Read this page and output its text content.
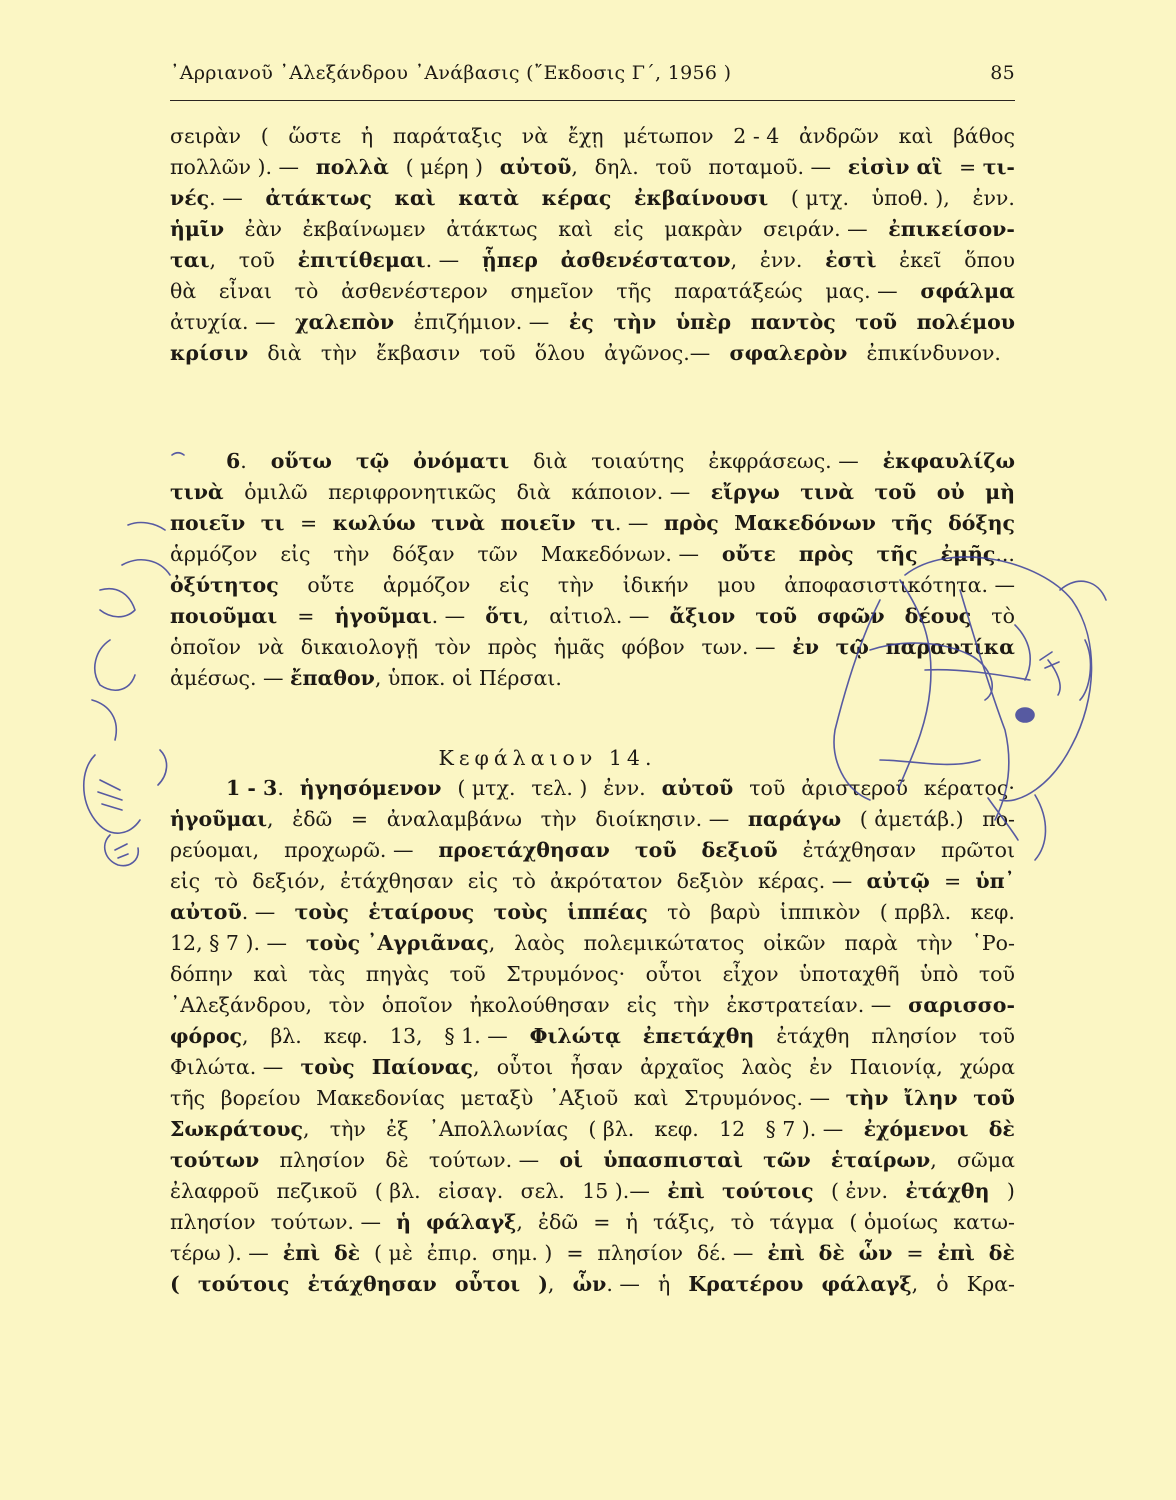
᾿Αρριανοῦ ᾿Αλεξάνδρου ᾿Ανάβασις (῎Εκδοσις Γ΄, 1956 )	85
σειρὰν ( ὥστε ἡ παράταξις νὰ ἔχῃ μέτωπον 2 - 4 ἀνδρῶν καὶ βάθος
πολλῶν ). — πολλὰ ( μέρη ) αὐτοῦ, δηλ. τοῦ ποταμοῦ. — εἰσὶν αἳ = τι-
νές. — ἀτάκτως καὶ κατὰ κέρας ἐκβαίνουσι ( μτχ. ὑποθ. ), ἐνν.
ἡμῖν ἐὰν ἐκβαίνωμεν ἀτάκτως καὶ εἰς μακρὰν σειράν. — ἐπικείσον-
ται, τοῦ ἐπιτίθεμαι. — ᾗπερ ἀσθενέστατον, ἐνν. ἐστὶ ἐκεῖ ὅπου
θὰ εἶναι τὸ ἀσθενέστερον σημεῖον τῆς παρατάξεώς μας. — σφάλμα
ἀτυχία. — χαλεπὸν ἐπιζήμιον. — ἐς τὴν ὑπὲρ παντὸς τοῦ πολέμου
κρίσιν διὰ τὴν ἔκβασιν τοῦ ὅλου ἀγῶνος.— σφαλερὸν ἐπικίνδυνον.
6. οὕτω τῷ ὀνόματι διὰ τοιαύτης ἐκφράσεως. — ἐκφαυλίζω
τινὰ ὁμιλῶ περιφρονητικῶς διὰ κάποιον. — εἴργω τινὰ τοῦ οὐ μὴ
ποιεῖν τι = κωλύω τινὰ ποιεῖν τι. — πρὸς Μακεδόνων τῆς δόξης
ἁρμόζον εἰς τὴν δόξαν τῶν Μακεδόνων. — οὔτε πρὸς τῆς ἐμῆς...
ὀξύτητος οὔτε ἁρμόζον εἰς τὴν ἰδικήν μου ἀποφασιστικότητα. —
ποιοῦμαι = ἡγοῦμαι. — ὅτι, αἰτιολ. — ἄξιον τοῦ σφῶν δέους τὸ
ὁποῖον νὰ δικαιολογῇ τὸν πρὸς ἡμᾶς φόβον των. — ἐν τῷ παραυτίκα
ἀμέσως. — ἔπαθον, ὑποκ. οἱ Πέρσαι.
Κεφάλαιον 14.
1 - 3. ἡγησόμενον ( μτχ. τελ. ) ἐνν. αὐτοῦ τοῦ ἀριστεροῦ κέρατος·
ἡγοῦμαι, ἐδῶ = ἀναλαμβάνω τὴν διοίκησιν. — παράγω ( ἀμετάβ.) πο-
ρεύομαι, προχωρῶ. — προετάχθησαν τοῦ δεξιοῦ ἐτάχθησαν πρῶτοι
εἰς τὸ δεξιόν, ἐτάχθησαν εἰς τὸ ἀκρότατον δεξιὸν κέρας. — αὐτῷ = ὑπ᾿
αὐτοῦ. — τοὺς ἑταίρους τοὺς ἱππέας τὸ βαρὺ ἱππικὸν ( πρβλ. κεφ.
12, § 7 ). — τοὺς ᾿Αγριᾶνας, λαὸς πολεμικώτατος οἰκῶν παρὰ τὴν ῾Ρο-
δόπην καὶ τὰς πηγὰς τοῦ Στρυμόνος· οὗτοι εἶχον ὑποταχθῆ ὑπὸ τοῦ
᾿Αλεξάνδρου, τὸν ὁποῖον ἠκολούθησαν εἰς τὴν ἐκστρατείαν. — σαρισσο-
φόρος, βλ. κεφ. 13, § 1. — Φιλώτᾳ ἐπετάχθη ἐτάχθη πλησίον τοῦ
Φιλώτα. — τοὺς Παίονας, οὗτοι ἦσαν ἀρχαῖος λαὸς ἐν Παιονίᾳ, χώρα
τῆς βορείου Μακεδονίας μεταξὺ ᾿Αξιοῦ καὶ Στρυμόνος. — τὴν ἴλην τοῦ
Σωκράτους, τὴν ἐξ ᾿Απολλωνίας ( βλ. κεφ. 12 § 7 ). — ἐχόμενοι δὲ
τούτων πλησίον δὲ τούτων. — οἱ ὑπασπισταὶ τῶν ἑταίρων, σῶμα
ἐλαφροῦ πεζικοῦ ( βλ. εἰσαγ. σελ. 15 ).— ἐπὶ τούτοις ( ἐνν. ἐτάχθη )
πλησίον τούτων. — ἡ φάλαγξ, ἐδῶ = ἡ τάξις, τὸ τάγμα ( ὁμοίως κατω-
τέρω ). — ἐπὶ δὲ ( μὲ ἐπιρ. σημ. ) = πλησίον δέ. — ἐπὶ δὲ ὧν = ἐπὶ δὲ
( τούτοις ἐτάχθησαν οὗτοι ), ὧν. — ἡ Κρατέρου φάλαγξ, ὁ Κρα-
